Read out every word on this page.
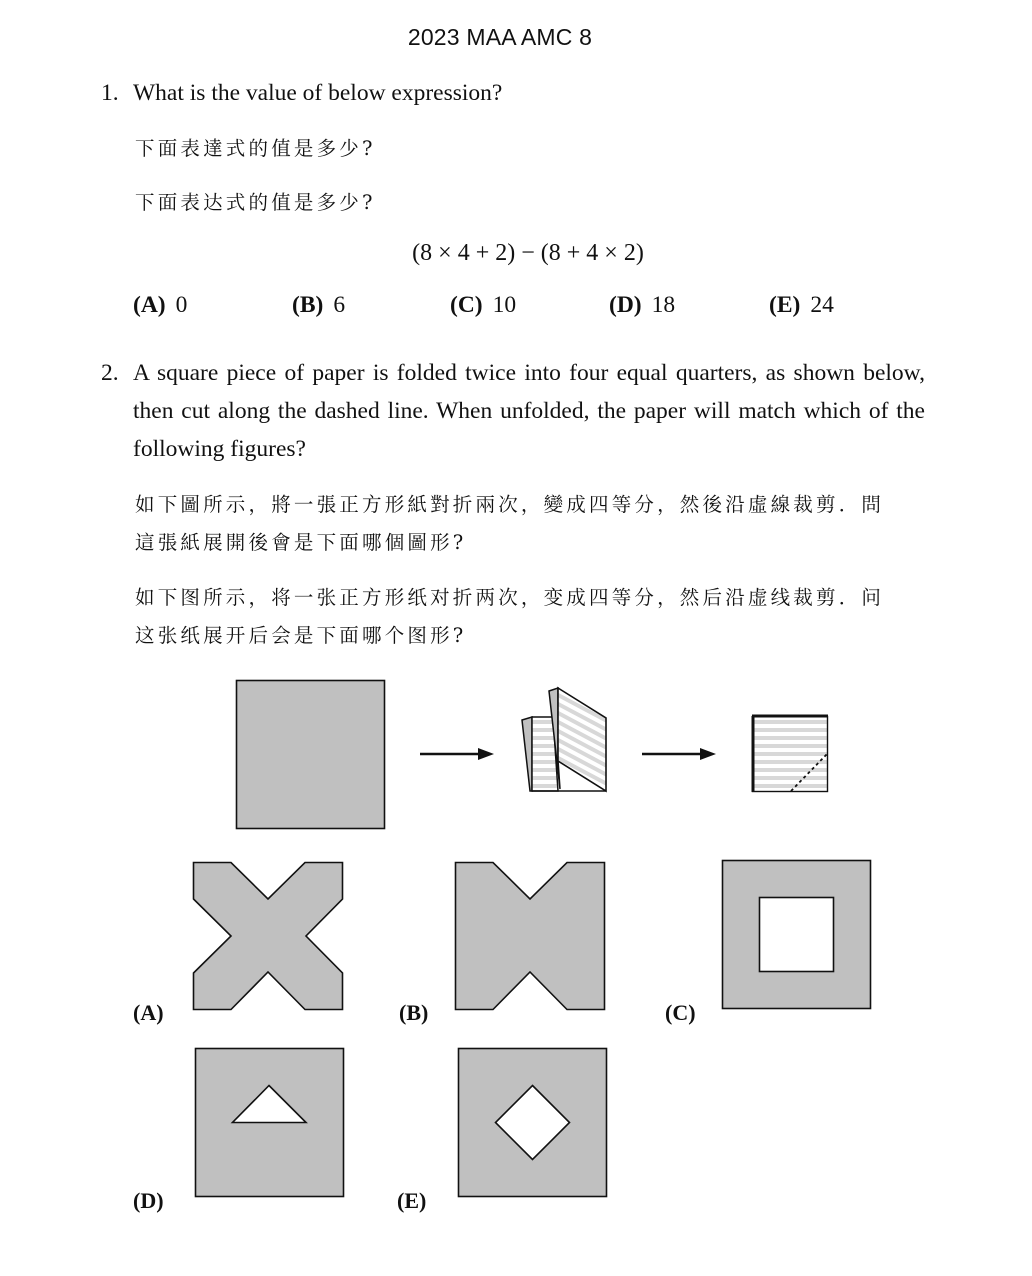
2023 MAA AMC 8
1. What is the value of below expression?
下面表達式的值是多少?
下面表达式的值是多少?
(8 × 4 + 2) − (8 + 4 × 2)
(A) 0	(B) 6	(C) 10	(D) 18	(E) 24
2. A square piece of paper is folded twice into four equal quarters, as shown below, then cut along the dashed line. When unfolded, the paper will match which of the following figures?
如下圖所示，將一張正方形紙對折兩次，變成四等分，然後沿虛線裁剪．問
這張紙展開後會是下面哪個圖形?
如下图所示，将一张正方形纸对折两次，变成四等分，然后沿虚线裁剪．问
这张纸展开后会是下面哪个图形?
(A)	(B)	(C)
(D)	(E)
